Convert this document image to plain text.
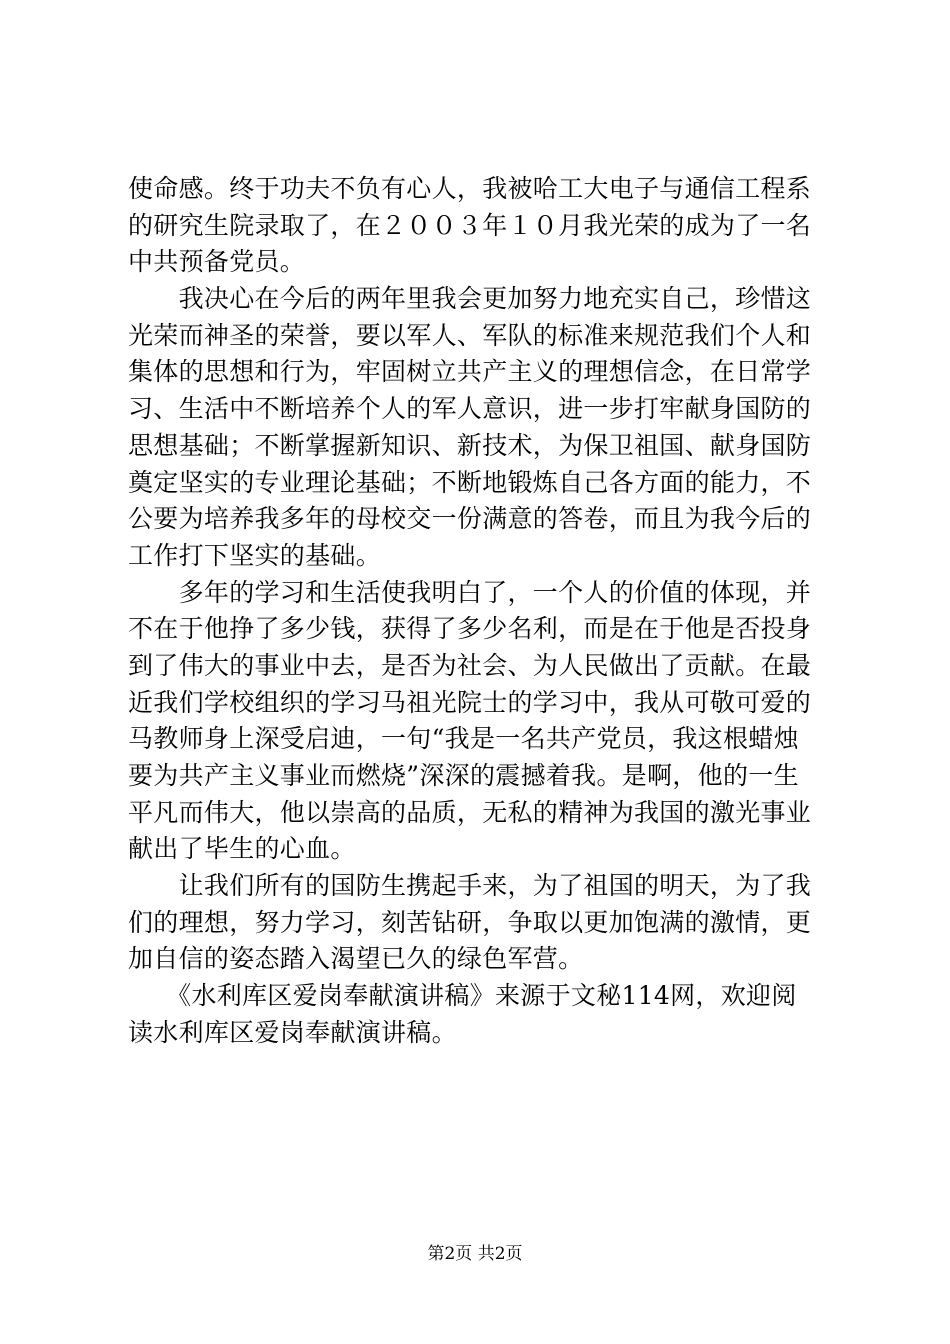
使命感。终于功夫不负有心人，我被哈工大电子与通信工程系
的研究生院录取了，在２００３年１０月我光荣的成为了一名
中共预备党员。
　　我决心在今后的两年里我会更加努力地充实自己，珍惜这
光荣而神圣的荣誉，要以军人、军队的标准来规范我们个人和
集体的思想和行为，牢固树立共产主义的理想信念，在日常学
习、生活中不断培养个人的军人意识，进一步打牢献身国防的
思想基础；不断掌握新知识、新技术，为保卫祖国、献身国防
奠定坚实的专业理论基础；不断地锻炼自己各方面的能力，不
公要为培养我多年的母校交一份满意的答卷，而且为我今后的
工作打下坚实的基础。
　　多年的学习和生活使我明白了，一个人的价值的体现，并
不在于他挣了多少钱，获得了多少名利，而是在于他是否投身
到了伟大的事业中去，是否为社会、为人民做出了贡献。在最
近我们学校组织的学习马祖光院士的学习中，我从可敬可爱的
马教师身上深受启迪，一句“我是一名共产党员，我这根蜡烛
要为共产主义事业而燃烧”深深的震撼着我。是啊，他的一生
平凡而伟大，他以崇高的品质，无私的精神为我国的激光事业
献出了毕生的心血。
　　让我们所有的国防生携起手来，为了祖国的明天，为了我
们的理想，努力学习，刻苦钻研，争取以更加饱满的激情，更
加自信的姿态踏入渴望已久的绿色军营。
　　《水利库区爱岗奉献演讲稿》来源于文秘114网，欢迎阅
读水利库区爱岗奉献演讲稿。
第2页 共2页
